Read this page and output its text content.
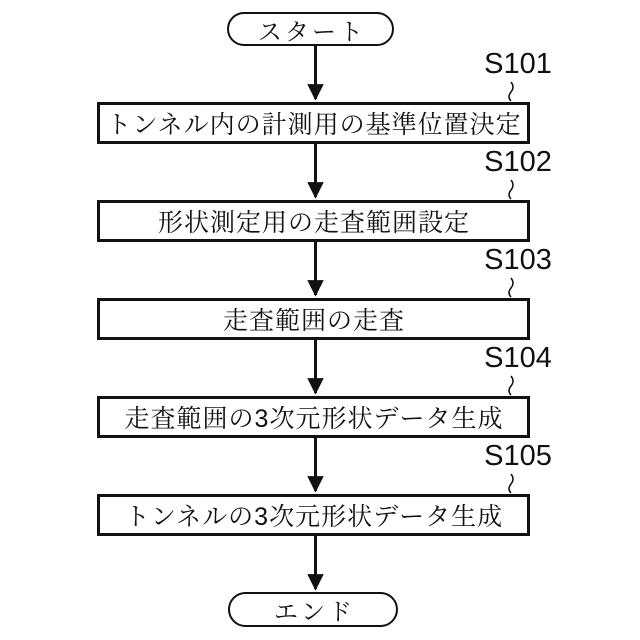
スタート
トンネル内の計測用の基準位置決定
形状測定用の走査範囲設定
走査範囲の走査
走査範囲の3次元形状データ生成
トンネルの3次元形状データ生成
S101
S102
S103
S104
S105
エンド
